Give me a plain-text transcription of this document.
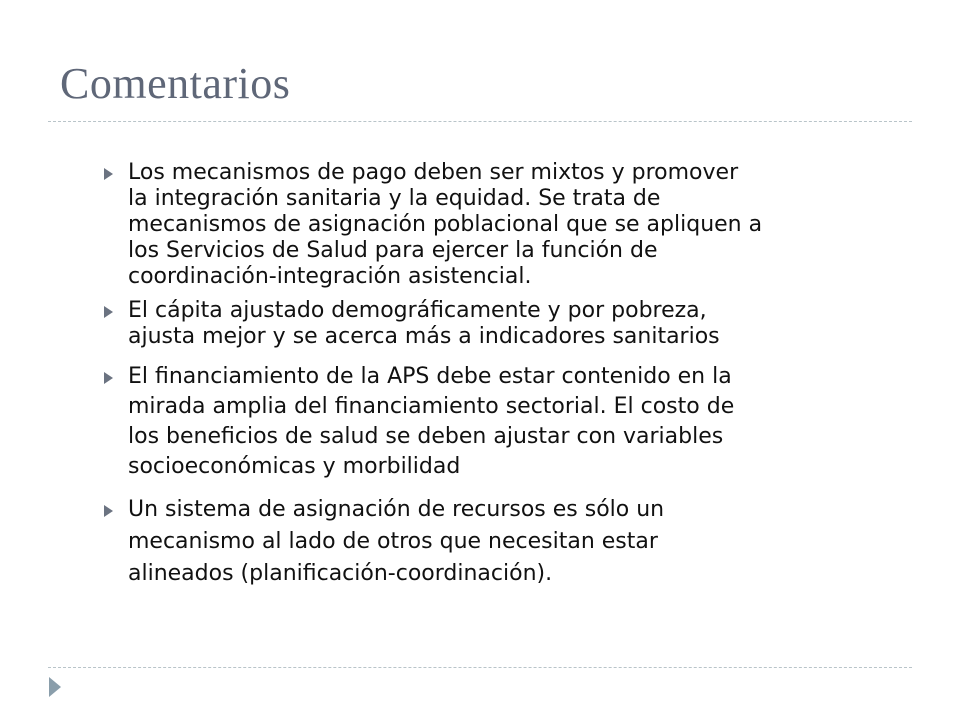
Comentarios
Los mecanismos de pago deben ser mixtos y promover
la integración sanitaria y la equidad. Se trata de
mecanismos de asignación poblacional que se apliquen a
los Servicios de Salud para ejercer la función de
coordinación-integración asistencial.
El cápita ajustado demográficamente y por pobreza,
ajusta mejor y se acerca más a indicadores sanitarios
El financiamiento de la APS debe estar contenido en la
mirada amplia del financiamiento sectorial. El costo de
los beneficios de salud se deben ajustar con variables
socioeconómicas y morbilidad
Un sistema de asignación de recursos es sólo un
mecanismo al lado de otros que necesitan estar
alineados (planificación-coordinación).
